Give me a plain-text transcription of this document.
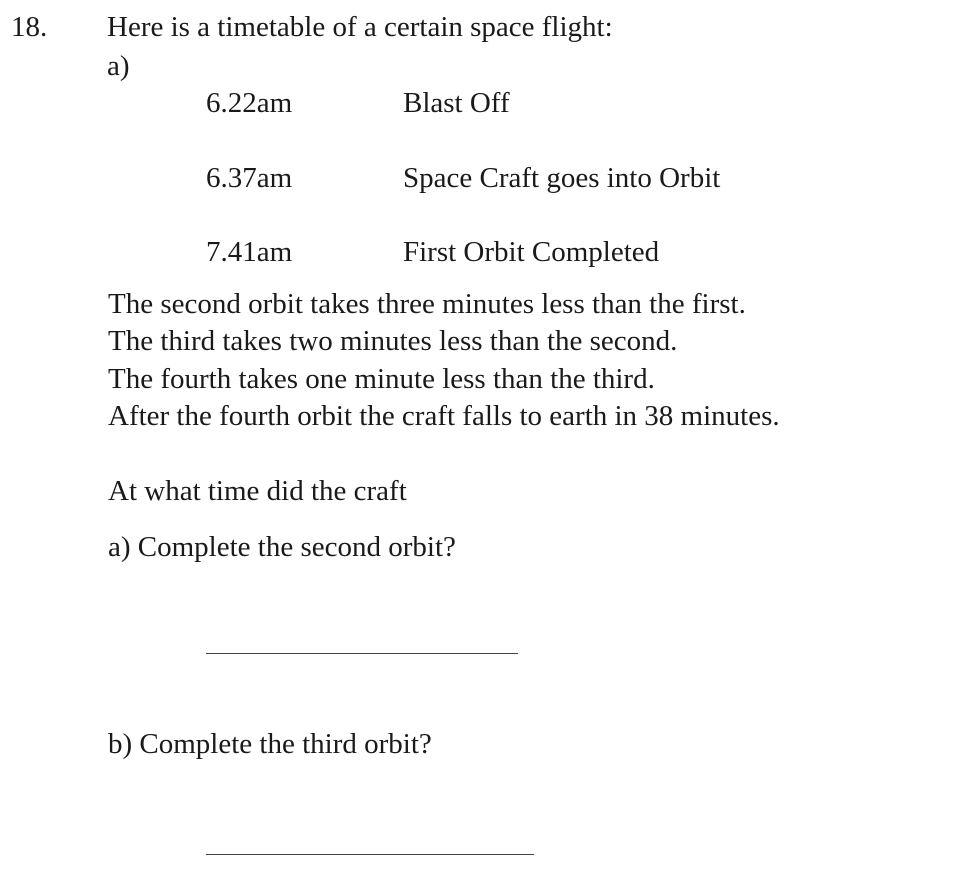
18. Here is a timetable of a certain space flight:
a)
6.22am	Blast Off
6.37am	Space Craft goes into Orbit
7.41am	First Orbit Completed
The second orbit takes three minutes less than the first.
The third takes two minutes less than the second.
The fourth takes one minute less than the third.
After the fourth orbit the craft falls to earth in 38 minutes.
At what time did the craft
a) Complete the second orbit?
b) Complete the third orbit?
